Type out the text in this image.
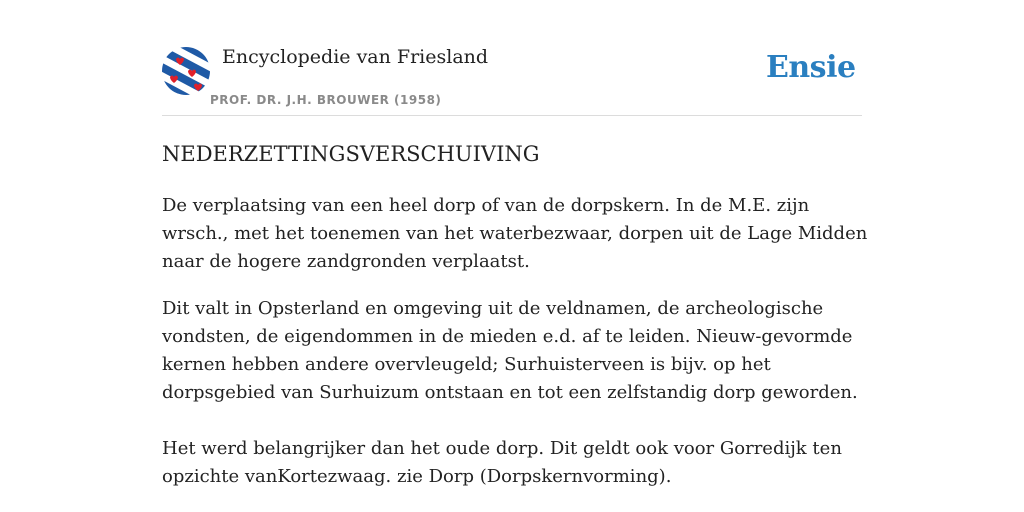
Encyclopedie van Friesland
PROF. DR. J.H. BROUWER (1958)
Ensie
NEDERZETTINGSVERSCHUIVING

De verplaatsing van een heel dorp of van de dorpskern. In de M.E. zijn wrsch., met het toenemen van het waterbezwaar, dorpen uit de Lage Midden naar de hogere zandgronden verplaatst.

Dit valt in Opsterland en omgeving uit de veldnamen, de archeologische vondsten, de eigendommen in de mieden e.d. af te leiden. Nieuw-gevormde kernen hebben andere overvleugeld; Surhuisterveen is bijv. op het dorpsgebied van Surhuizum ontstaan en tot een zelfstandig dorp geworden.

Het werd belangrijker dan het oude dorp. Dit geldt ook voor Gorredijk ten opzichte vanKortezwaag. zie Dorp (Dorpskernvorming).
